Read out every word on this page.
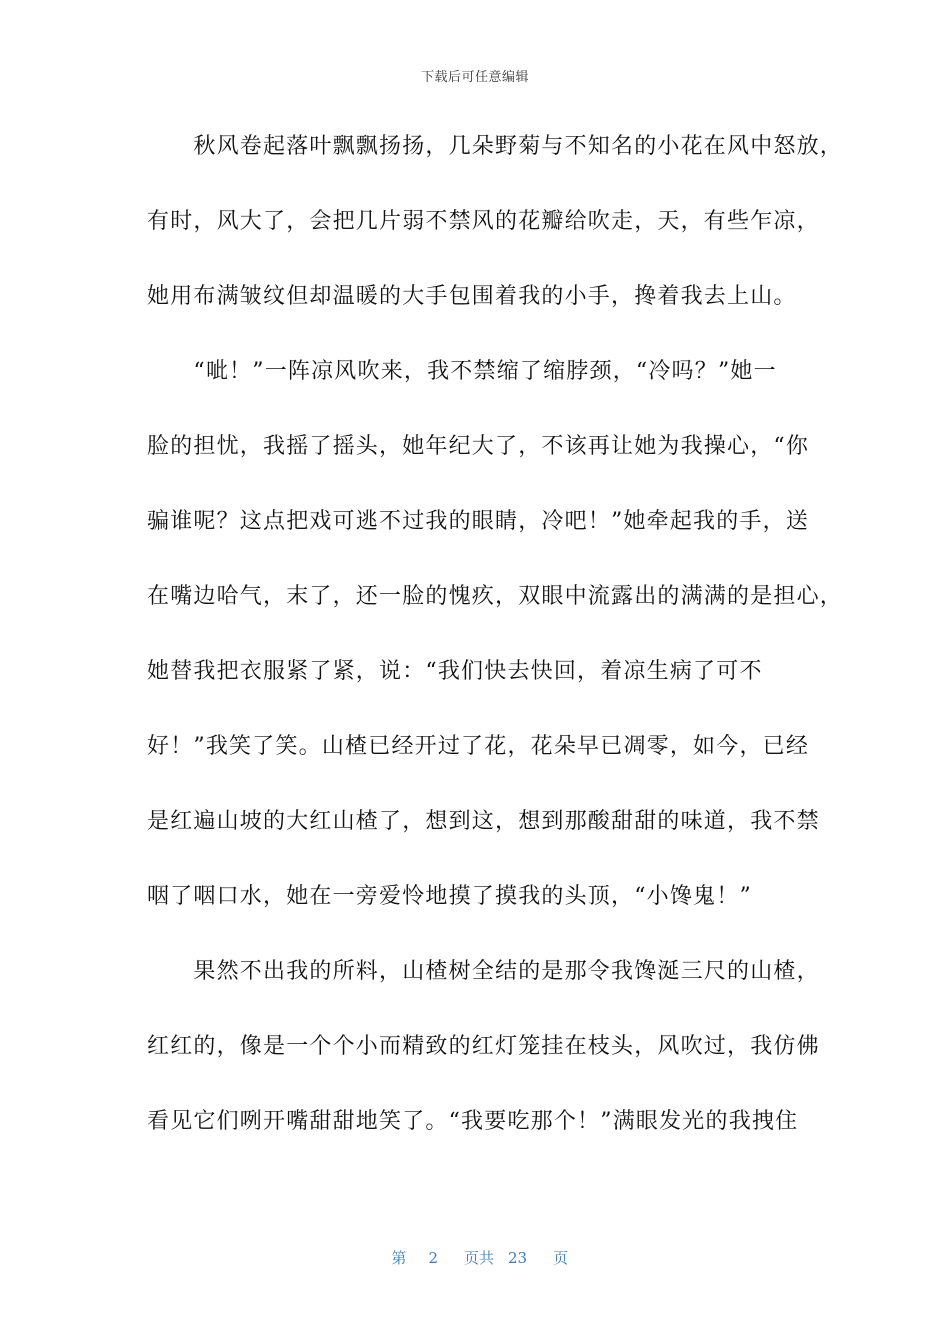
下载后可任意编辑
　　秋风卷起落叶飘飘扬扬，几朵野菊与不知名的小花在风中怒放，
有时，风大了，会把几片弱不禁风的花瓣给吹走，天，有些乍凉，
她用布满皱纹但却温暖的大手包围着我的小手，搀着我去上山。
　　“呲！”一阵凉风吹来，我不禁缩了缩脖颈，“冷吗？”她一
脸的担忧，我摇了摇头，她年纪大了，不该再让她为我操心，“你
骗谁呢？这点把戏可逃不过我的眼睛，冷吧！”她牵起我的手，送
在嘴边哈气，末了，还一脸的愧疚，双眼中流露出的满满的是担心，
她替我把衣服紧了紧，说：“我们快去快回，着凉生病了可不
好！”我笑了笑。山楂已经开过了花，花朵早已凋零，如今，已经
是红遍山坡的大红山楂了，想到这，想到那酸甜甜的味道，我不禁
咽了咽口水，她在一旁爱怜地摸了摸我的头顶，“小馋鬼！”
　　果然不出我的所料，山楂树全结的是那令我馋涎三尺的山楂，
红红的，像是一个个小而精致的红灯笼挂在枝头，风吹过，我仿佛
看见它们咧开嘴甜甜地笑了。“我要吃那个！”满眼发光的我拽住

第 2 页共 23 页
